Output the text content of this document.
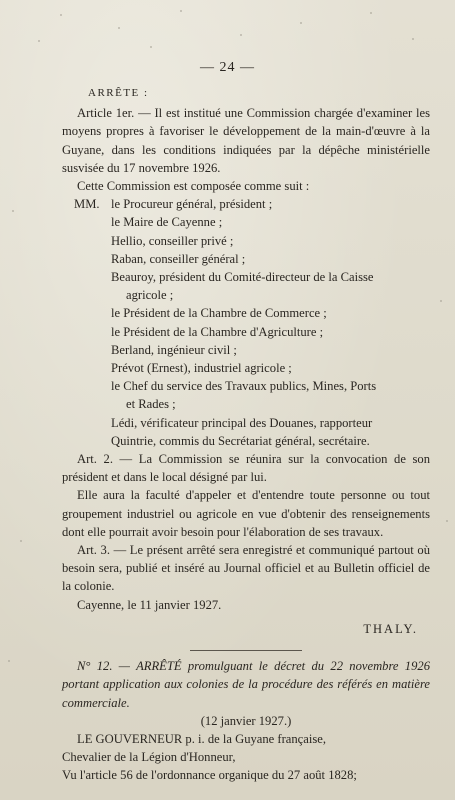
— 24 —

ARRÊTE :

Article 1er. — Il est institué une Commission chargée d'examiner les moyens propres à favoriser le développement de la main-d'œuvre à la Guyane, dans les conditions indiquées par la dépêche ministérielle susvisée du 17 novembre 1926.

Cette Commission est composée comme suit :

MM. le Procureur général, président ;
le Maire de Cayenne ;
Hellio, conseiller privé ;
Raban, conseiller général ;
Beauroy, président du Comité-directeur de la Caisse
agricole ;
le Président de la Chambre de Commerce ;
le Président de la Chambre d'Agriculture ;
Berland, ingénieur civil ;
Prévot (Ernest), industriel agricole ;
le Chef du service des Travaux publics, Mines, Ports
et Rades ;
Lédi, vérificateur principal des Douanes, rapporteur
Quintrie, commis du Secrétariat général, secrétaire.

Art. 2. — La Commission se réunira sur la convocation de son président et dans le local désigné par lui.

Elle aura la faculté d'appeler et d'entendre toute personne ou tout groupement industriel ou agricole en vue d'obtenir des renseignements dont elle pourrait avoir besoin pour l'élaboration de ses travaux.

Art. 3. — Le présent arrêté sera enregistré et communiqué partout où besoin sera, publié et inséré au Journal officiel et au Bulletin officiel de la colonie.

Cayenne, le 11 janvier 1927.

THALY.

N° 12. — ARRÊTÉ promulguant le décret du 22 novembre 1926 portant application aux colonies de la procédure des référés en matière commerciale.

(12 janvier 1927.)

LE GOUVERNEUR p. i. de la Guyane française,

Chevalier de la Légion d'Honneur,

Vu l'article 56 de l'ordonnance organique du 27 août 1828;
